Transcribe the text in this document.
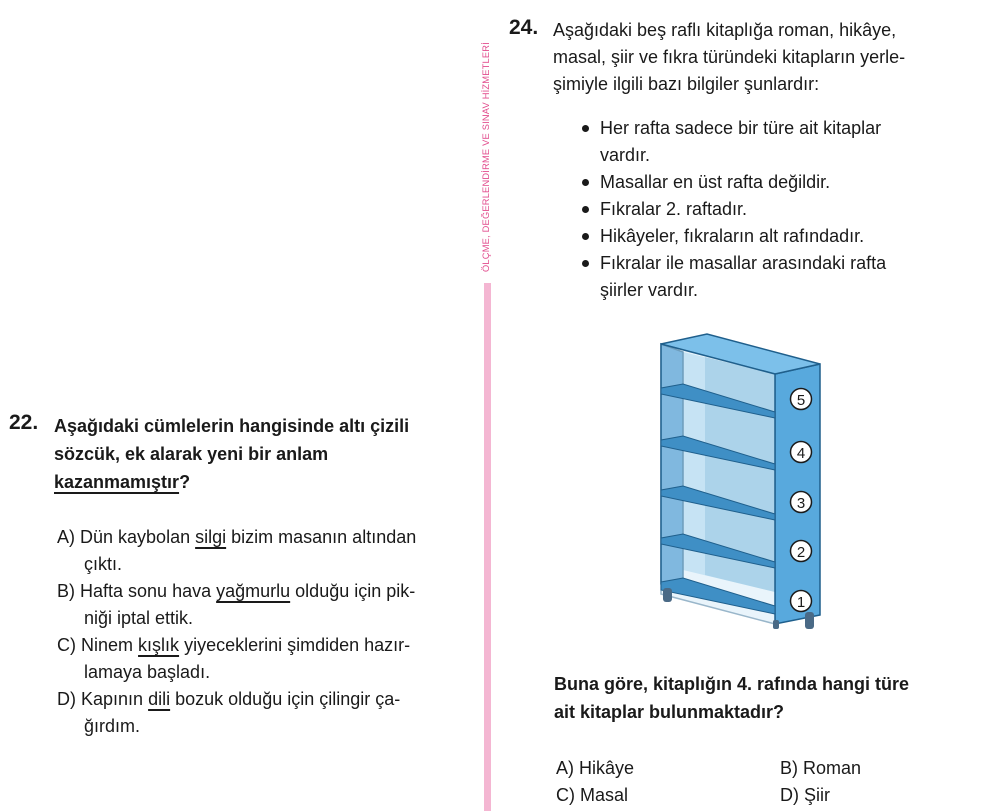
22. Aşağıdaki cümlelerin hangisinde altı çizili
sözcük, ek alarak yeni bir anlam
kazanmamıştır?
A) Dün kaybolan silgi bizim masanın altından
çıktı.
B) Hafta sonu hava yağmurlu olduğu için pik-
niği iptal ettik.
C) Ninem kışlık yiyeceklerini şimdiden hazır-
lamaya başladı.
D) Kapının dili bozuk olduğu için çilingir ça-
ğırdım.
ÖLÇME, DEĞERLENDİRME VE SINAV HİZMETLERİ
24. Aşağıdaki beş raflı kitaplığa roman, hikâye,
masal, şiir ve fıkra türündeki kitapların yerle-
şimiyle ilgili bazı bilgiler şunlardır:
Her rafta sadece bir türe ait kitaplar
vardır.
Masallar en üst rafta değildir.
Fıkralar 2. raftadır.
Hikâyeler, fıkraların alt rafındadır.
Fıkralar ile masallar arasındaki rafta
şiirler vardır.
5
4
3
2
1
Buna göre, kitaplığın 4. rafında hangi türe
ait kitaplar bulunmaktadır?
A) Hikâye	B) Roman
C) Masal	D) Şiir
